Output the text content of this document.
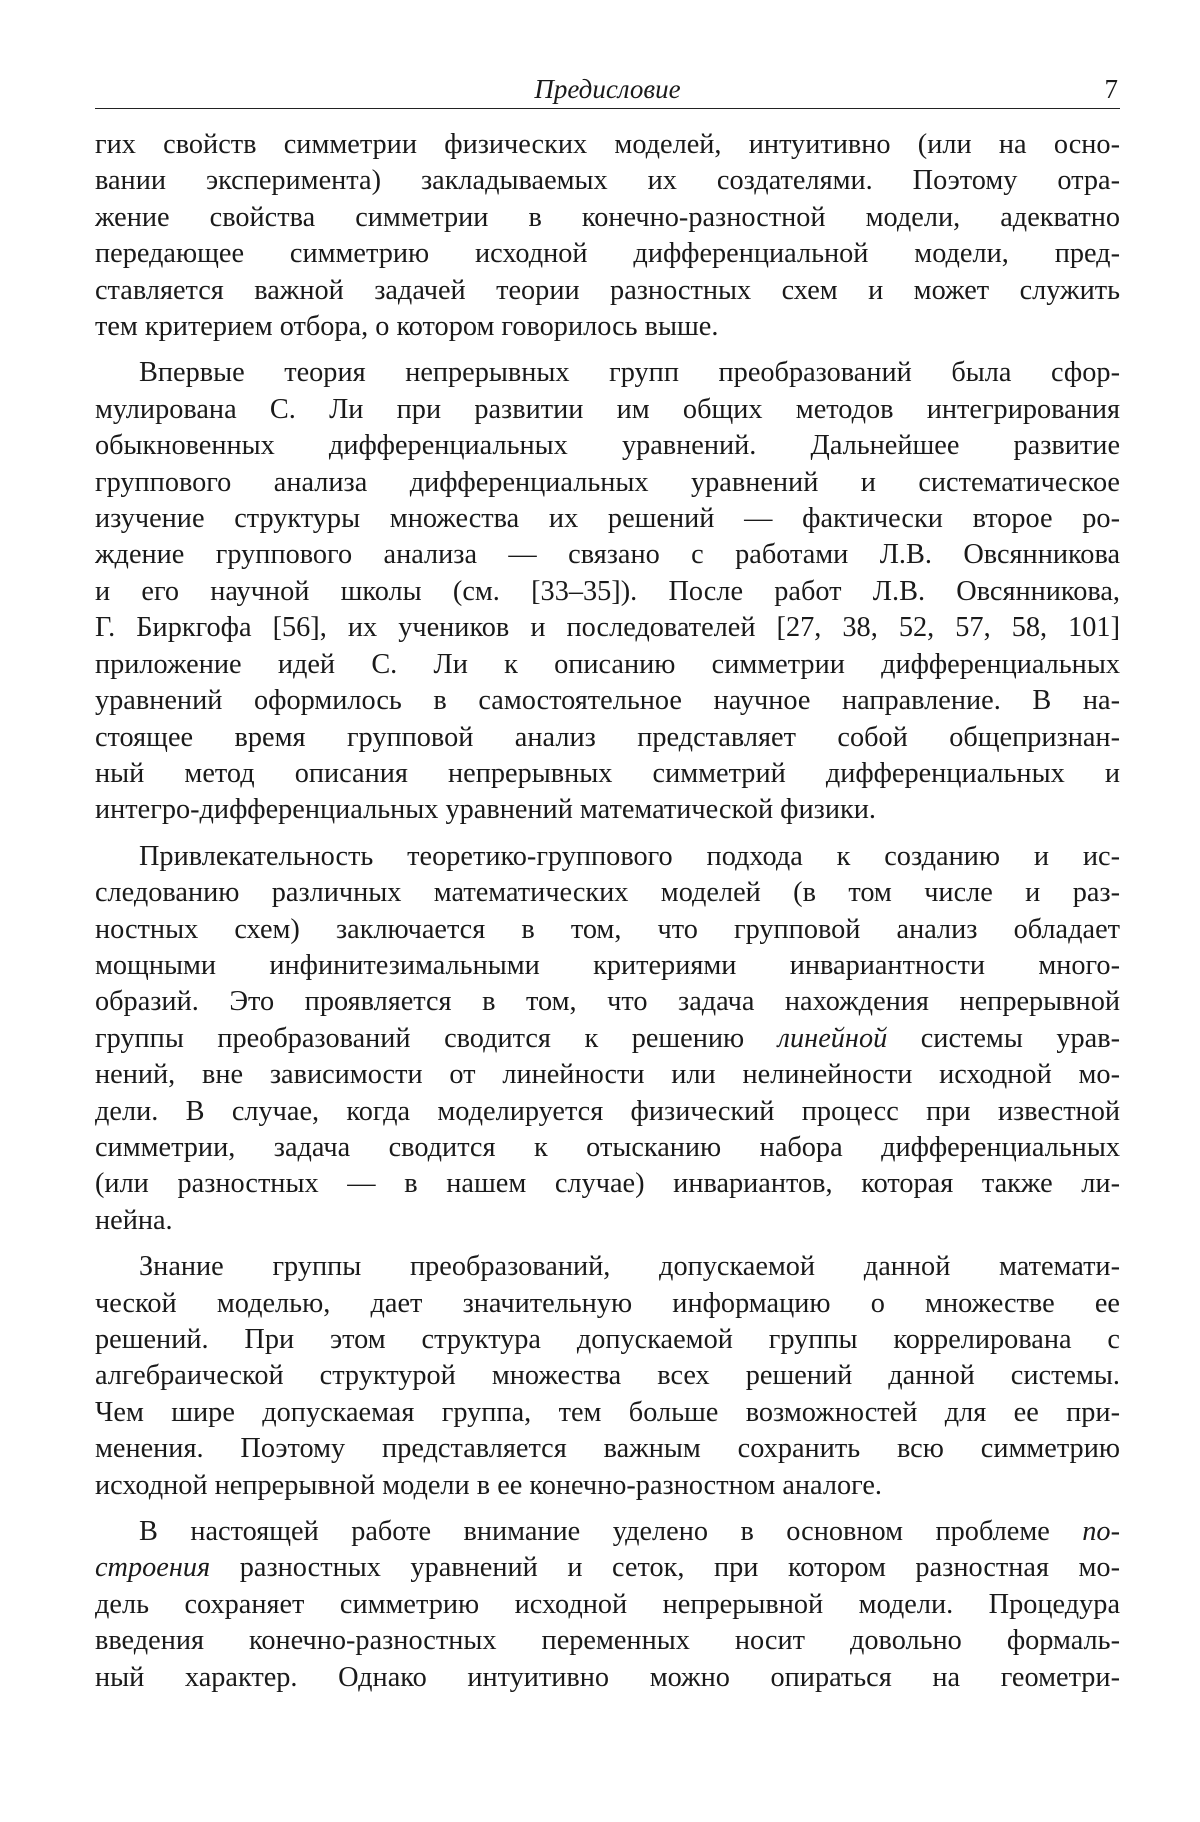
Предисловие	7

гих свойств симметрии физических моделей, интуитивно (или на осно-
вании эксперимента) закладываемых их создателями. Поэтому отра-
жение свойства симметрии в конечно-разностной модели, адекватно
передающее симметрию исходной дифференциальной модели, пред-
ставляется важной задачей теории разностных схем и может служить
тем критерием отбора, о котором говорилось выше.

Впервые теория непрерывных групп преобразований была сфор-
мулирована С. Ли при развитии им общих методов интегрирования
обыкновенных дифференциальных уравнений. Дальнейшее развитие
группового анализа дифференциальных уравнений и систематическое
изучение структуры множества их решений — фактически второе ро-
ждение группового анализа — связано с работами Л.В. Овсянникова
и его научной школы (см. [33–35]). После работ Л.В. Овсянникова,
Г. Биркгофа [56], их учеников и последователей [27, 38, 52, 57, 58, 101]
приложение идей С. Ли к описанию симметрии дифференциальных
уравнений оформилось в самостоятельное научное направление. В на-
стоящее время групповой анализ представляет собой общепризнан-
ный метод описания непрерывных симметрий дифференциальных и
интегро-дифференциальных уравнений математической физики.

Привлекательность теоретико-группового подхода к созданию и ис-
следованию различных математических моделей (в том числе и раз-
ностных схем) заключается в том, что групповой анализ обладает
мощными инфинитезимальными критериями инвариантности много-
образий. Это проявляется в том, что задача нахождения непрерывной
группы преобразований сводится к решению линейной системы урав-
нений, вне зависимости от линейности или нелинейности исходной мо-
дели. В случае, когда моделируется физический процесс при известной
симметрии, задача сводится к отысканию набора дифференциальных
(или разностных — в нашем случае) инвариантов, которая также ли-
нейна.

Знание группы преобразований, допускаемой данной математи-
ческой моделью, дает значительную информацию о множестве ее
решений. При этом структура допускаемой группы коррелирована с
алгебраической структурой множества всех решений данной системы.
Чем шире допускаемая группа, тем больше возможностей для ее при-
менения. Поэтому представляется важным сохранить всю симметрию
исходной непрерывной модели в ее конечно-разностном аналоге.

В настоящей работе внимание уделено в основном проблеме по-
строения разностных уравнений и сеток, при котором разностная мо-
дель сохраняет симметрию исходной непрерывной модели. Процедура
введения конечно-разностных переменных носит довольно формаль-
ный характер. Однако интуитивно можно опираться на геометри-
